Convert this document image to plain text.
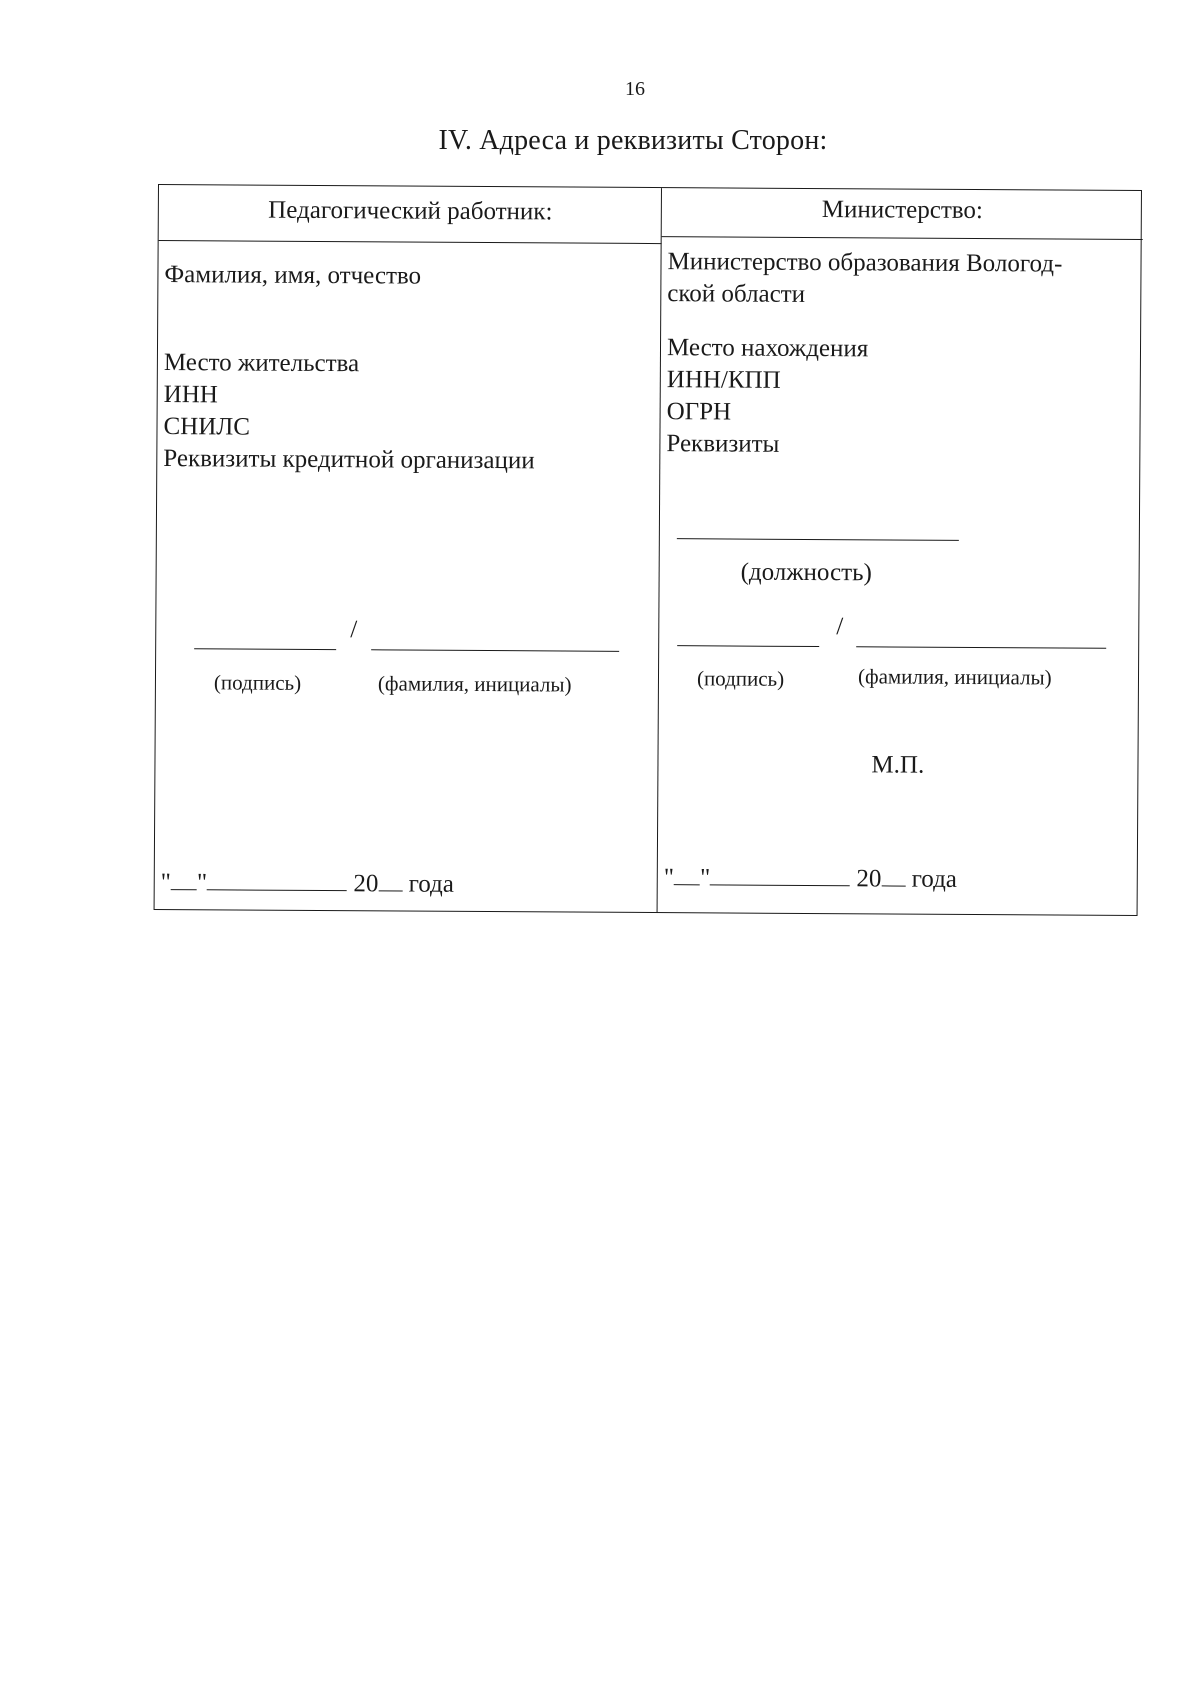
16
IV. Адреса и реквизиты Сторон:
Педагогический работник:
Фамилия, имя, отчество
Место жительства
ИНН
СНИЛС
Реквизиты кредитной организации
/
(подпись)	(фамилия, инициалы)
" "	20 года
Министерство:
Министерство образования Вологод-
ской области
Место нахождения
ИНН/КПП
ОГРН
Реквизиты
(должность)
/
(подпись)	(фамилия, инициалы)
М.П.
" "	20 года
